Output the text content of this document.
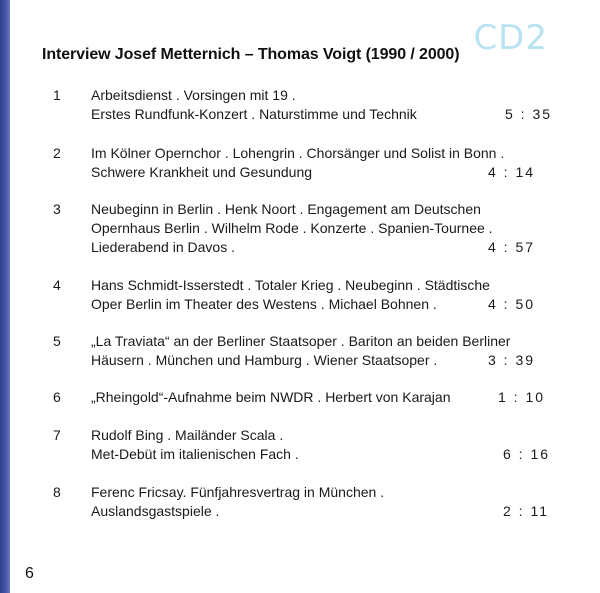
CD2
Interview Josef Metternich – Thomas Voigt (1990 / 2000)
1 Arbeitsdienst . Vorsingen mit 19 .
Erstes Rundfunk-Konzert . Naturstimme und Technik	5 : 35
2 Im Kölner Opernchor . Lohengrin . Chorsänger und Solist in Bonn .
Schwere Krankheit und Gesundung	4 : 14
3 Neubeginn in Berlin . Henk Noort . Engagement am Deutschen
Opernhaus Berlin . Wilhelm Rode . Konzerte . Spanien-Tournee .
Liederabend in Davos .	4 : 57
4 Hans Schmidt-Isserstedt . Totaler Krieg . Neubeginn . Städtische
Oper Berlin im Theater des Westens . Michael Bohnen .	4 : 50
5 „La Traviata“ an der Berliner Staatsoper . Bariton an beiden Berliner
Häusern . München und Hamburg . Wiener Staatsoper .	3 : 39
6 „Rheingold“-Aufnahme beim NWDR . Herbert von Karajan	1 : 10
7 Rudolf Bing . Mailänder Scala .
Met-Debüt im italienischen Fach .	6 : 16
8 Ferenc Fricsay. Fünfjahresvertrag in München .
Auslandsgastspiele .	2 : 11
6
